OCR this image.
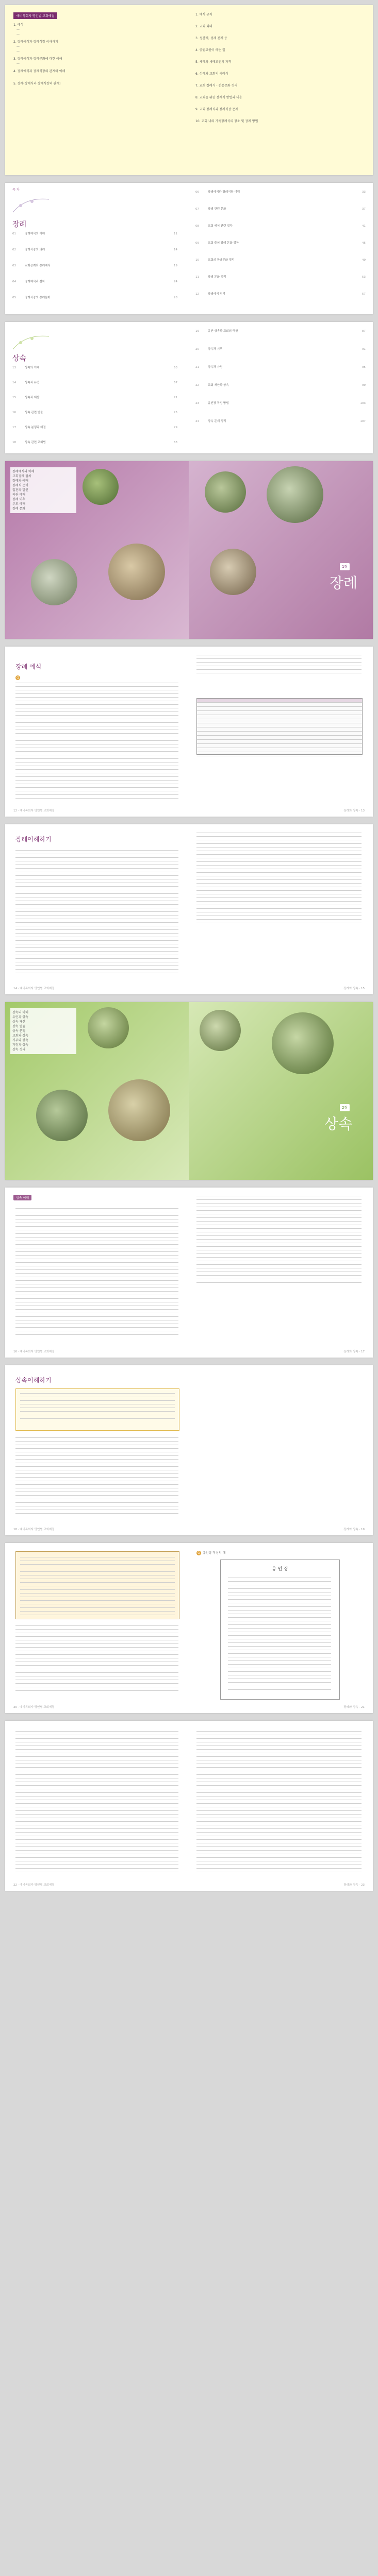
예비목회자 명인별 교회예절
1. 예식
—
—
2. 장례예식과 장례식장 이해하기
—
—
3. 장례예식과 장례문화에 대한 이해
—
4. 장례예식과 장례식장의 관계와 이해
—
5. 장례(장례식과 장례식장의 관계)
1. 예식 규칙
2. 교회 회의
3. 성찬례, 성례 전례 등
4. 공원묘원이 하는 일
5. 세례와 세례교인의 자격
6. 성례와 교회의 세례식
7. 교회 장례식 - 전통문화 정리
8. 교회를 위한 장례식 방법과 내용
9. 교회 장례식과 장례식장 문제
10. 교회 내의 가족장례식의 장소 및 장례 방법
목 차
장례
01	장례예식의 이해	11
02	장례식장의 의례	14
03	교회장례와 장례예식	19
04	장례예식과 절차	24
05	장례식장의 장례문화	28
06	장례예식과 장례식장 이해	33
07	장례 관련 문화	37
08	교회 예식 관련 절차	41
09	교회 중심 장례 문화 정착	45
10	교회의 장례문화 정리	49
11	장례 문화 정리	53
12	장례예식 정리	57
상속
13	상속의 이해	63
14	상속과 유언	67
15	상속과 재산	71
16	상속 관련 법률	75
17	상속 분쟁과 해결	79
18	상속 관련 교회법	83
19	유산 상속과 교회의 역할	87
20	상속과 기부	91
21	상속과 가정	95
22	교회 재산과 상속	99
23	유언장 작성 방법	103
24	상속 문제 정리	107
장례예식의 이해
교회장례 절차
장례와 예배
장례식 준비
입관과 발인
하관 예배
장례 이후
추모 예배
장례 문화
1장
장례
장례 예식
Q
12 · 예비목회자 명인별 교회예절	장례와 상속 · 13
장례이해하기
14 · 예비목회자 명인별 교회예절	장례와 상속 · 15
상속의 이해
유언과 상속
상속 재산
상속 법률
상속 분쟁
교회와 상속
기부와 상속
가정과 상속
상속 정리
2장
상속
상속 이해
16 · 예비목회자 명인별 교회예절	장례와 상속 · 17
상속이해하기
18 · 예비목회자 명인별 교회예절	장례와 상속 · 19
20 · 예비목회자 명인별 교회예절
Q 유언장 작성의 예
유 언 장
장례와 상속 · 21
22 · 예비목회자 명인별 교회예절	장례와 상속 · 23
